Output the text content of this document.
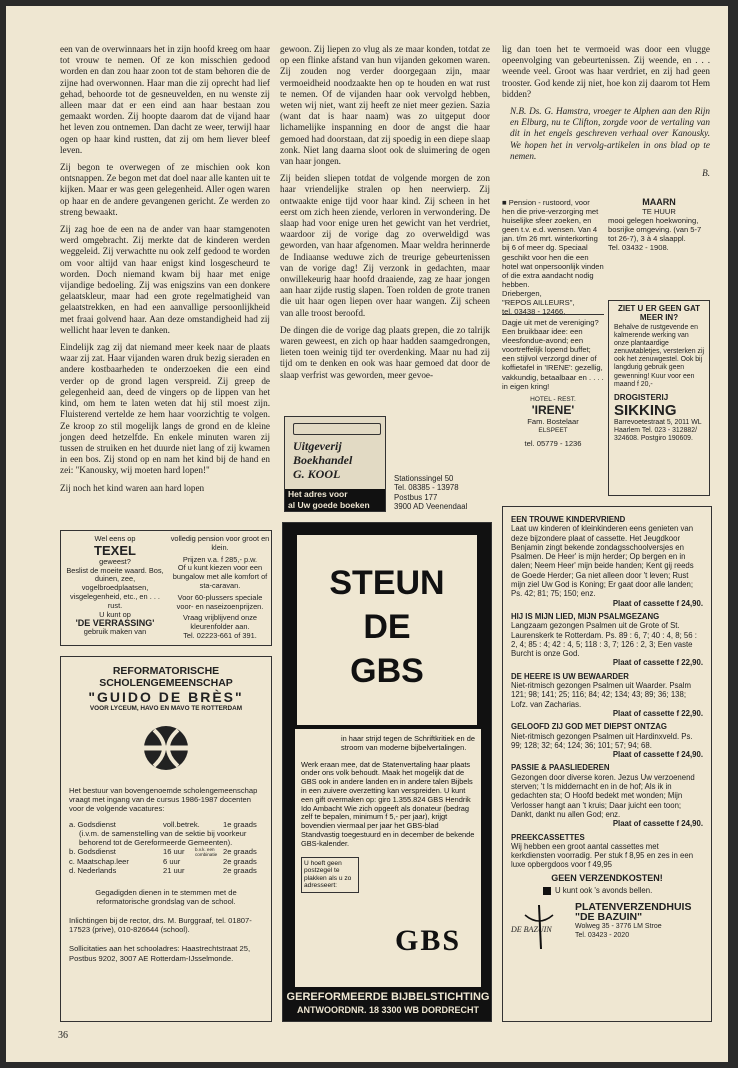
een van de overwinnaars het in zijn hoofd kreeg om haar tot vrouw te nemen. Of ze kon misschien gedood worden en dan zou haar zoon tot de stam behoren die de zijne had overwonnen. Haar man die zij oprecht had lief gehad, behoorde tot de gesneuvelden, en nu wenste zij alleen maar dat er een eind aan haar bestaan zou gemaakt worden. Zij hoopte daarom dat de vijand haar het leven zou ontnemen. Dan dacht ze weer, terwijl haar ogen op haar kind rustten, dat zij om hem liever bleef leven.

Zij begon te overwegen of ze mischien ook kon ontsnappen. Ze begon met dat doel naar alle kanten uit te kijken. Maar er was geen gelegenheid. Aller ogen waren op haar en de andere gevangenen gericht. Ze werden zo streng bewaakt.

Zij zag hoe de een na de ander van haar stamgenoten werd omgebracht. Zij merkte dat de kinderen werden weggeleid. Zij verwachtte nu ook zelf gedood te worden om voor altijd van haar enigst kind losgescheurd te worden. Doch niemand kwam bij haar met enige vijandige bedoeling. Zij was enigszins van een donkere gelaatskleur, maar had een grote regelmatigheid van gelaatstrekken, en had een aanvallige persoonlijkheid met fraai golvend haar. Aan deze omstandigheid had zij wellicht haar leven te danken.

Eindelijk zag zij dat niemand meer keek naar de plaats waar zij zat. Haar vijanden waren druk bezig sieraden en andere kostbaarheden te onderzoeken die een eind verder op de grond lagen verspreid. Zij greep de gelegenheid aan, deed de vingers op de lippen van het kind, om hem te laten weten dat hij stil moest zijn. Fluisterend vertelde ze hem haar voorzichtig te volgen. Ze kroop zo stil mogelijk langs de grond en de kleine jongen deed hetzelfde. En enkele minuten waren zij tussen de struiken en het duurde niet lang of zij kwamen in een bos. Zij stond op en nam het kind bij de hand en zei: "Kanousky, wij moeten hard lopen!"

Zij noch het kind waren aan hard lopen

gewoon. Zij liepen zo vlug als ze maar konden, totdat ze op een flinke afstand van hun vijanden gekomen waren. Zij zouden nog verder doorgegaan zijn, maar vermoeidheid noodzaakte hen op te houden en wat rust te nemen. Of de vijanden haar ook vervolgd hebben, weten wij niet, want zij heeft ze niet meer gezien. Sazia (want dat is haar naam) was zo uitgeput door lichamelijke inspanning en door de angst die haar gemoed had doorstaan, dat zij spoedig in een diepe slaap zonk. Niet lang daarna sloot ook de sluimering de ogen van haar jongen.

Zij beiden sliepen totdat de volgende morgen de zon haar vriendelijke stralen op hen neerwierp. Zij ontwaakte enige tijd voor haar kind. Zij scheen in het eerst om zich heen ziende, verloren in verwondering. De slaap had voor enige uren het gewicht van het verdriet, waardoor zij de vorige dag zo overweldigd was geworden, van haar afgenomen. Maar weldra herinnerde de Indiaanse weduwe zich de treurige gebeurtenissen van de vorige dag! Zij verzonk in gedachten, maar onwillekeurig haar hoofd draaiende, zag ze haar jongen aan haar zijde rustig slapen. Toen rolden de grote tranen die uit haar ogen liepen over haar wangen. Zij scheen van alle troost beroofd.

De dingen die de vorige dag plaats grepen, die zo talrijk waren geweest, en zich op haar hadden saamgedrongen, lieten toen weinig tijd ter overdenking. Maar nu had zij tijd om te denken en ook was haar gemoed dat door de slaap verfrist was geworden, meer gevoe-

lig dan toen het te vermoeid was door een vlugge opeenvolging van gebeurtenissen. Zij weende, en . . . weende veel. Groot was haar verdriet, en zij had geen trooster. God kende zij niet, hoe kon zij daarom tot Hem bidden?

N.B. Ds. G. Hamstra, vroeger te Alphen aan den Rijn en Elburg, nu te Clifton, zorgde voor de vertaling van dit in het engels geschreven verhaal over Kanousky. We hopen het in vervolg-artikelen in ons blad op te nemen.

B.

■ Pension - rustoord, voor hen die prive-verzorging met huiselijke sfeer zoeken, en geen t.v. e.d. wensen. Van 4 jan. t/m 26 mrt. winterkorting bij 6 of meer dg. Speciaal geschikt voor hen die een hotel wat onpersoonlijk vinden of die extra aandacht nodig hebben.
Driebergen,
"REPOS AILLEURS",
tel. 03438 - 12466.
MAARN
TE HUUR
mooi gelegen hoekwoning, bosrijke omgeving. (van 5-7 tot 26-7), 3 à 4 slaappl.
Tel. 03432 - 1908.
Dagje uit met de vereniging? Een bruikbaar idee: een vleesfondue-avond; een voortreffelijk lopend buffet; een stijlvol verzorgd diner of koffietafel in 'IRENE': gezellig, vakkundig, betaalbaar en . . . . in eigen kring!
HOTEL - REST.
'IRENE'
Fam. Bostelaar
ELSPEET
tel. 05779 - 1236
ZIET U ER GEEN GAT MEER IN?
Behalve de rustgevende en kalmerende werking van onze plantaardige zenuwtabletjes, versterken zij ook het zenuwgestel. Ook bij langdurig gebruik geen gewenning! Kuur voor een maand f 20,-
DROGISTERIJ
SIKKING
Barrevoetestraat 5, 2011 WL Haarlem Tel. 023 - 312882/ 324608. Postgiro 190609.
Uitgeverij
Boekhandel
G. KOOL
Het adres voor
al Uw goede boeken
Stationssingel 50
Tel. 08385 - 13978
Postbus 177
3900 AD Veenendaal
Wel eens op
TEXEL
geweest?
Beslist de moeite waard. Bos, duinen, zee, vogelbroedplaatsen, visgelegenheid, etc., en . . . rust.
U kunt op
'DE VERRASSING'
gebruik maken van
volledig pension voor groot en klein.
Prijzen v.a. f 285,- p.w.
Of u kunt kiezen voor een bungalow met alle komfort of sta-caravan.
Voor 60-plussers speciale voor- en naseizoenprijzen.
Vraag vrijblijvend onze kleurenfolder aan.
Tel. 02223-661 of 391.
REFORMATORISCHE
SCHOLENGEMEENSCHAP
"GUIDO DE BRÈS"
VOOR LYCEUM, HAVO EN MAVO TE ROTTERDAM
Het bestuur van bovengenoemde scholengemeenschap vraagt met ingang van de cursus 1986-1987 docenten voor de volgende vacatures:
a. Godsdienst	voll.betrek.	1e graads
(i.v.m. de samenstelling van de sektie bij voorkeur behorend tot de Gereformeerde Gemeenten).
b. Godsdienst	16 uur	b.v.k. een combinatie 2e graads
c. Maatschap.leer	6 uur	2e graads
d. Nederlands	21 uur	2e graads
Gegadigden dienen in te stemmen met de reformatorische grondslag van de school.
Inlichtingen bij de rector, drs. M. Burggraaf, tel. 01807-17523 (prive), 010-826644 (school).
Sollicitaties aan het schooladres: Haastrechtstraat 25, Postbus 9202, 3007 AE Rotterdam-IJsselmonde.
STEUN
DE
GBS
in haar strijd tegen de Schriftkritiek en de stroom van moderne bijbelvertalingen.
Werk eraan mee, dat de Statenvertaling haar plaats onder ons volk behoudt. Maak het mogelijk dat de GBS ook in andere landen en in andere talen Bijbels in een zuivere overzetting kan verspreiden. U kunt een gift overmaken op: giro 1.355.824 GBS Hendrik Ido Ambacht Wie zich opgeeft als donateur (bedrag zelf te bepalen, minimum f 5,- per jaar), krijgt bovendien viermaal per jaar het GBS-blad Standvastig toegestuurd en in december de bekende GBS-kalender.
U hoeft geen postzegel te plakken als u zo adresseert:
GBS
GEREFORMEERDE BIJBELSTICHTING
ANTWOORDNR. 18 3300 WB DORDRECHT
EEN TROUWE KINDERVRIEND
Laat uw kinderen of kleinkinderen eens genieten van deze bijzondere plaat of cassette. Het Jeugdkoor Benjamin zingt bekende zondagsschoolversjes en Psalmen. De Heer' is mijn herder; Op bergen en in dalen; Neem Heer' mijn beide handen; Kent gij reeds de Goede Herder; Ga niet alleen door 't leven; Rust mijn ziel Uw God is Koning; Er gaat door alle landen; Ps. 42; 81; 75; 150; enz.
Plaat of cassette f 24,90.
HIJ IS MIJN LIED, MIJN PSALMGEZANG
Langzaam gezongen Psalmen uit de Grote of St. Laurenskerk te Rotterdam. Ps. 89 : 6, 7; 40 : 4, 8; 56 : 2, 4; 85 : 4; 42 : 4, 5; 118 : 3, 7; 126 : 2, 3; Een vaste Burcht is onze God.
Plaat of cassette f 22,90.
DE HEERE IS UW BEWAARDER
Niet-ritmisch gezongen Psalmen uit Waarder. Psalm 121; 98; 141; 25; 116; 84; 42; 134; 43; 89; 36; 138; Lofz. van Zacharias.
Plaat of cassette f 22,90.
GELOOFD ZIJ GOD MET DIEPST ONTZAG
Niet-ritmisch gezongen Psalmen uit Hardinxveld. Ps. 99; 128; 32; 64; 124; 36; 101; 57; 94; 68.
Plaat of cassette f 24,90.
PASSIE & PAASLIEDEREN
Gezongen door diverse koren. Jezus Uw verzoenend sterven; 't Is middernacht en in de hof; Als ik in gedachten sta; O Hoofd bedekt met wonden; Mijn Verlosser hangt aan 't kruis; Daar juicht een toon; Dankt, dankt nu allen God; enz.
Plaat of cassette f 24,90.
PREEKCASSETTES
Wij hebben een groot aantal cassettes met kerkdiensten voorradig. Per stuk f 8,95 en zes in een luxe opbergdoos voor f 49,95
GEEN VERZENDKOSTEN!
U kunt ook 's avonds bellen.
DE BAZUIN
PLATENVERZENDHUIS
"DE BAZUIN"
Wolweg 35 - 3776 LM Stroe
Tel. 03423 - 2020
36
